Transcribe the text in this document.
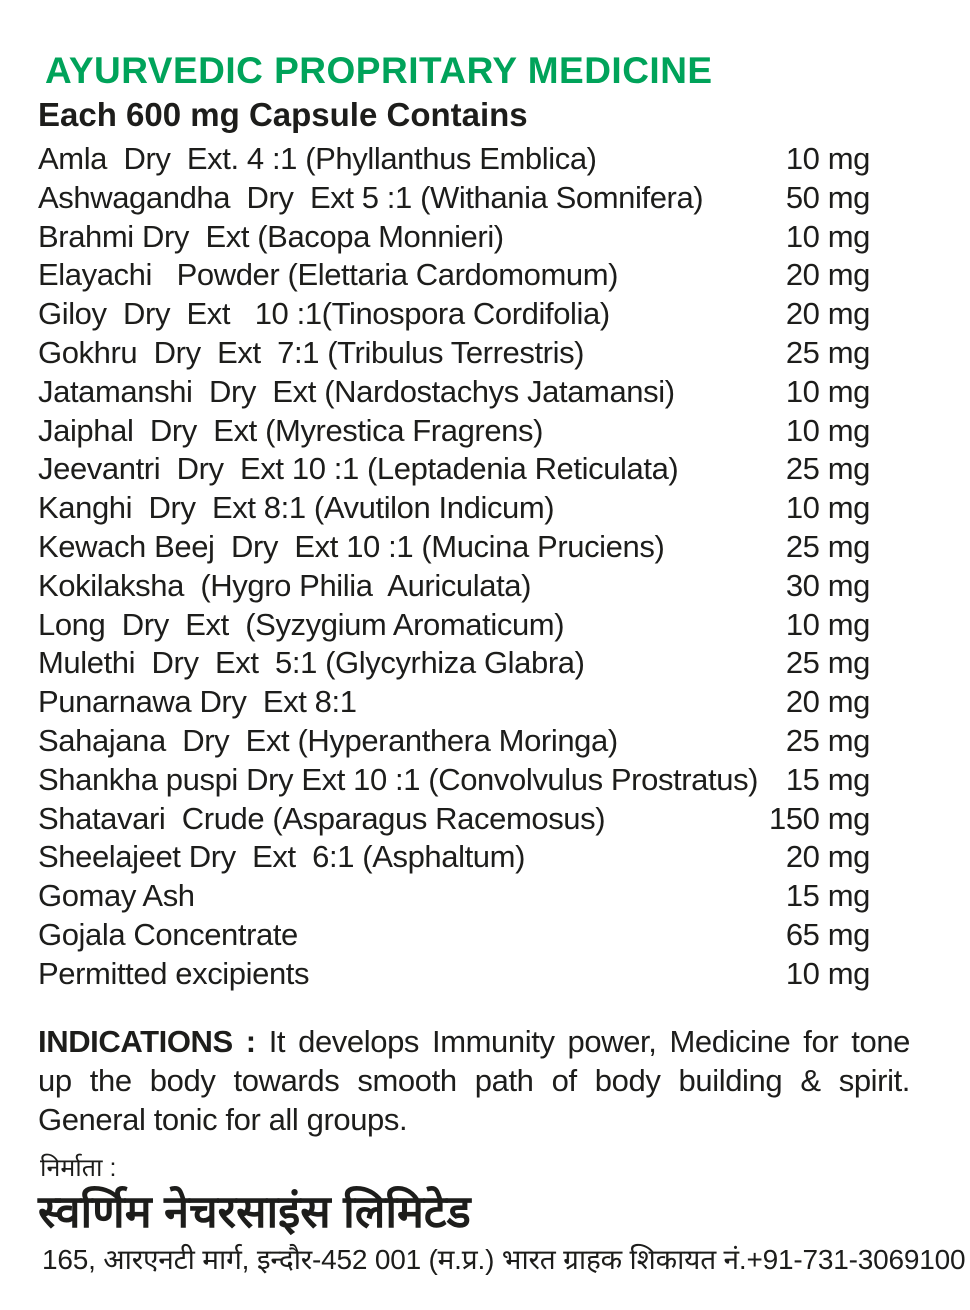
AYURVEDIC PROPRITARY MEDICINE
Each 600 mg Capsule Contains
Amla  Dry  Ext. 4 :1 (Phyllanthus Emblica)	10 mg
Ashwagandha  Dry  Ext 5 :1 (Withania Somnifera)	50 mg
Brahmi Dry  Ext (Bacopa Monnieri)	10 mg
Elayachi   Powder (Elettaria Cardomomum)	20 mg
Giloy  Dry  Ext   10 :1(Tinospora Cordifolia)	20 mg
Gokhru  Dry  Ext  7:1 (Tribulus Terrestris)	25 mg
Jatamanshi  Dry  Ext (Nardostachys Jatamansi)	10 mg
Jaiphal  Dry  Ext (Myrestica Fragrens)	10 mg
Jeevantri  Dry  Ext 10 :1 (Leptadenia Reticulata)	25 mg
Kanghi  Dry  Ext 8:1 (Avutilon Indicum)	10 mg
Kewach Beej  Dry  Ext 10 :1 (Mucina Pruciens)	25 mg
Kokilaksha  (Hygro Philia  Auriculata)	30 mg
Long  Dry  Ext  (Syzygium Aromaticum)	10 mg
Mulethi  Dry  Ext  5:1 (Glycyrhiza Glabra)	25 mg
Punarnawa Dry  Ext 8:1	20 mg
Sahajana  Dry  Ext (Hyperanthera Moringa)	25 mg
Shankha puspi Dry Ext 10 :1 (Convolvulus Prostratus) 15 mg
Shatavari  Crude (Asparagus Racemosus)	150 mg
Sheelajeet Dry  Ext  6:1 (Asphaltum)	20 mg
Gomay Ash	15 mg
Gojala Concentrate	65 mg
Permitted excipients	10 mg
INDICATIONS : It develops Immunity power, Medicine for tone
up the body towards smooth path of body building & spirit.
General tonic for all groups.
निर्माता :
स्वर्णिम नेचरसाइंस लिमिटेड
165, आरएनटी मार्ग, इन्दौर-452 001 (म.प्र.) भारत ग्राहक शिकायत नं.+91-731-3069100
